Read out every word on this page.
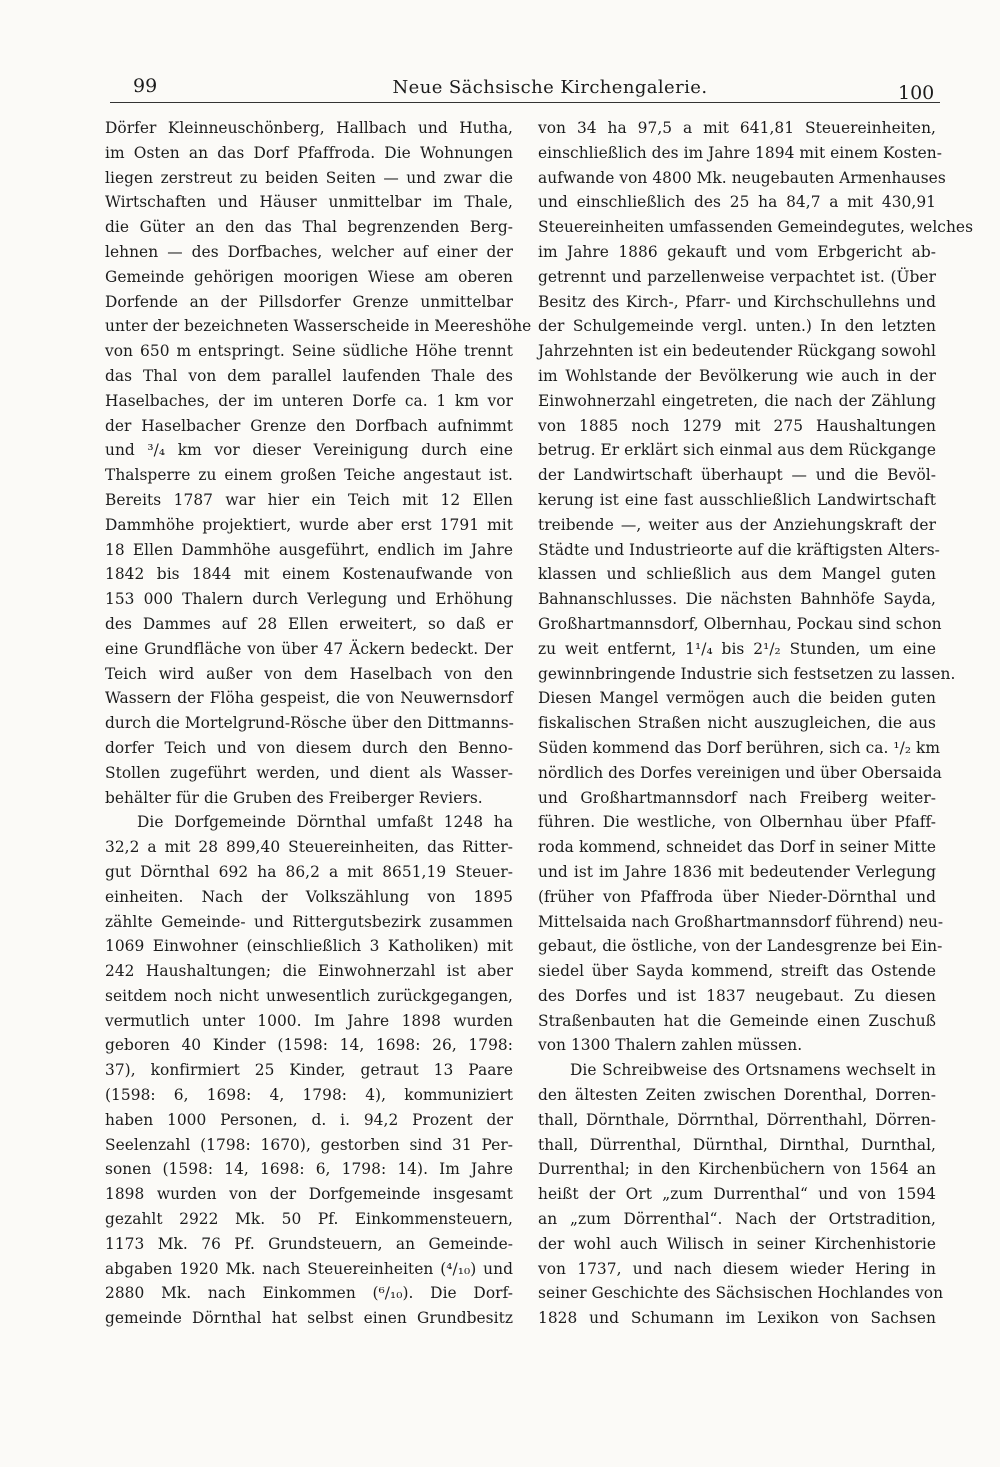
99	Neue Sächsische Kirchengalerie.	100
Dörfer Kleinneuschönberg, Hallbach und Hutha,
im Osten an das Dorf Pfaffroda. Die Wohnungen
liegen zerstreut zu beiden Seiten — und zwar die
Wirtschaften und Häuser unmittelbar im Thale,
die Güter an den das Thal begrenzenden Berg-
lehnen — des Dorfbaches, welcher auf einer der
Gemeinde gehörigen moorigen Wiese am oberen
Dorfende an der Pillsdorfer Grenze unmittelbar
unter der bezeichneten Wasserscheide in Meereshöhe
von 650 m entspringt. Seine südliche Höhe trennt
das Thal von dem parallel laufenden Thale des
Haselbaches, der im unteren Dorfe ca. 1 km vor
der Haselbacher Grenze den Dorfbach aufnimmt
und ³/₄ km vor dieser Vereinigung durch eine
Thalsperre zu einem großen Teiche angestaut ist.
Bereits 1787 war hier ein Teich mit 12 Ellen
Dammhöhe projektiert, wurde aber erst 1791 mit
18 Ellen Dammhöhe ausgeführt, endlich im Jahre
1842 bis 1844 mit einem Kostenaufwande von
153 000 Thalern durch Verlegung und Erhöhung
des Dammes auf 28 Ellen erweitert, so daß er
eine Grundfläche von über 47 Äckern bedeckt. Der
Teich wird außer von dem Haselbach von den
Wassern der Flöha gespeist, die von Neuwernsdorf
durch die Mortelgrund-Rösche über den Dittmanns-
dorfer Teich und von diesem durch den Benno-
Stollen zugeführt werden, und dient als Wasser-
behälter für die Gruben des Freiberger Reviers.
Die Dorfgemeinde Dörnthal umfaßt 1248 ha
32,2 a mit 28 899,40 Steuereinheiten, das Ritter-
gut Dörnthal 692 ha 86,2 a mit 8651,19 Steuer-
einheiten. Nach der Volkszählung von 1895
zählte Gemeinde- und Rittergutsbezirk zusammen
1069 Einwohner (einschließlich 3 Katholiken) mit
242 Haushaltungen; die Einwohnerzahl ist aber
seitdem noch nicht unwesentlich zurückgegangen,
vermutlich unter 1000. Im Jahre 1898 wurden
geboren 40 Kinder (1598: 14, 1698: 26, 1798:
37), konfirmiert 25 Kinder, getraut 13 Paare
(1598: 6, 1698: 4, 1798: 4), kommuniziert
haben 1000 Personen, d. i. 94,2 Prozent der
Seelenzahl (1798: 1670), gestorben sind 31 Per-
sonen (1598: 14, 1698: 6, 1798: 14). Im Jahre
1898 wurden von der Dorfgemeinde insgesamt
gezahlt 2922 Mk. 50 Pf. Einkommensteuern,
1173 Mk. 76 Pf. Grundsteuern, an Gemeinde-
abgaben 1920 Mk. nach Steuereinheiten (⁴/₁₀) und
2880 Mk. nach Einkommen (⁶/₁₀). Die Dorf-
gemeinde Dörnthal hat selbst einen Grundbesitz
von 34 ha 97,5 a mit 641,81 Steuereinheiten,
einschließlich des im Jahre 1894 mit einem Kosten-
aufwande von 4800 Mk. neugebauten Armenhauses
und einschließlich des 25 ha 84,7 a mit 430,91
Steuereinheiten umfassenden Gemeindegutes, welches
im Jahre 1886 gekauft und vom Erbgericht ab-
getrennt und parzellenweise verpachtet ist. (Über
Besitz des Kirch-, Pfarr- und Kirchschullehns und
der Schulgemeinde vergl. unten.) In den letzten
Jahrzehnten ist ein bedeutender Rückgang sowohl
im Wohlstande der Bevölkerung wie auch in der
Einwohnerzahl eingetreten, die nach der Zählung
von 1885 noch 1279 mit 275 Haushaltungen
betrug. Er erklärt sich einmal aus dem Rückgange
der Landwirtschaft überhaupt — und die Bevöl-
kerung ist eine fast ausschließlich Landwirtschaft
treibende —, weiter aus der Anziehungskraft der
Städte und Industrieorte auf die kräftigsten Alters-
klassen und schließlich aus dem Mangel guten
Bahnanschlusses. Die nächsten Bahnhöfe Sayda,
Großhartmannsdorf, Olbernhau, Pockau sind schon
zu weit entfernt, 1¹/₄ bis 2¹/₂ Stunden, um eine
gewinnbringende Industrie sich festsetzen zu lassen.
Diesen Mangel vermögen auch die beiden guten
fiskalischen Straßen nicht auszugleichen, die aus
Süden kommend das Dorf berühren, sich ca. ¹/₂ km
nördlich des Dorfes vereinigen und über Obersaida
und Großhartmannsdorf nach Freiberg weiter-
führen. Die westliche, von Olbernhau über Pfaff-
roda kommend, schneidet das Dorf in seiner Mitte
und ist im Jahre 1836 mit bedeutender Verlegung
(früher von Pfaffroda über Nieder-Dörnthal und
Mittelsaida nach Großhartmannsdorf führend) neu-
gebaut, die östliche, von der Landesgrenze bei Ein-
siedel über Sayda kommend, streift das Ostende
des Dorfes und ist 1837 neugebaut. Zu diesen
Straßenbauten hat die Gemeinde einen Zuschuß
von 1300 Thalern zahlen müssen.
Die Schreibweise des Ortsnamens wechselt in
den ältesten Zeiten zwischen Dorenthal, Dorren-
thall, Dörnthale, Dörrnthal, Dörrenthahl, Dörren-
thall, Dürrenthal, Dürnthal, Dirnthal, Durnthal,
Durrenthal; in den Kirchenbüchern von 1564 an
heißt der Ort „zum Durrenthal“ und von 1594
an „zum Dörrenthal“. Nach der Ortstradition,
der wohl auch Wilisch in seiner Kirchenhistorie
von 1737, und nach diesem wieder Hering in
seiner Geschichte des Sächsischen Hochlandes von
1828 und Schumann im Lexikon von Sachsen
